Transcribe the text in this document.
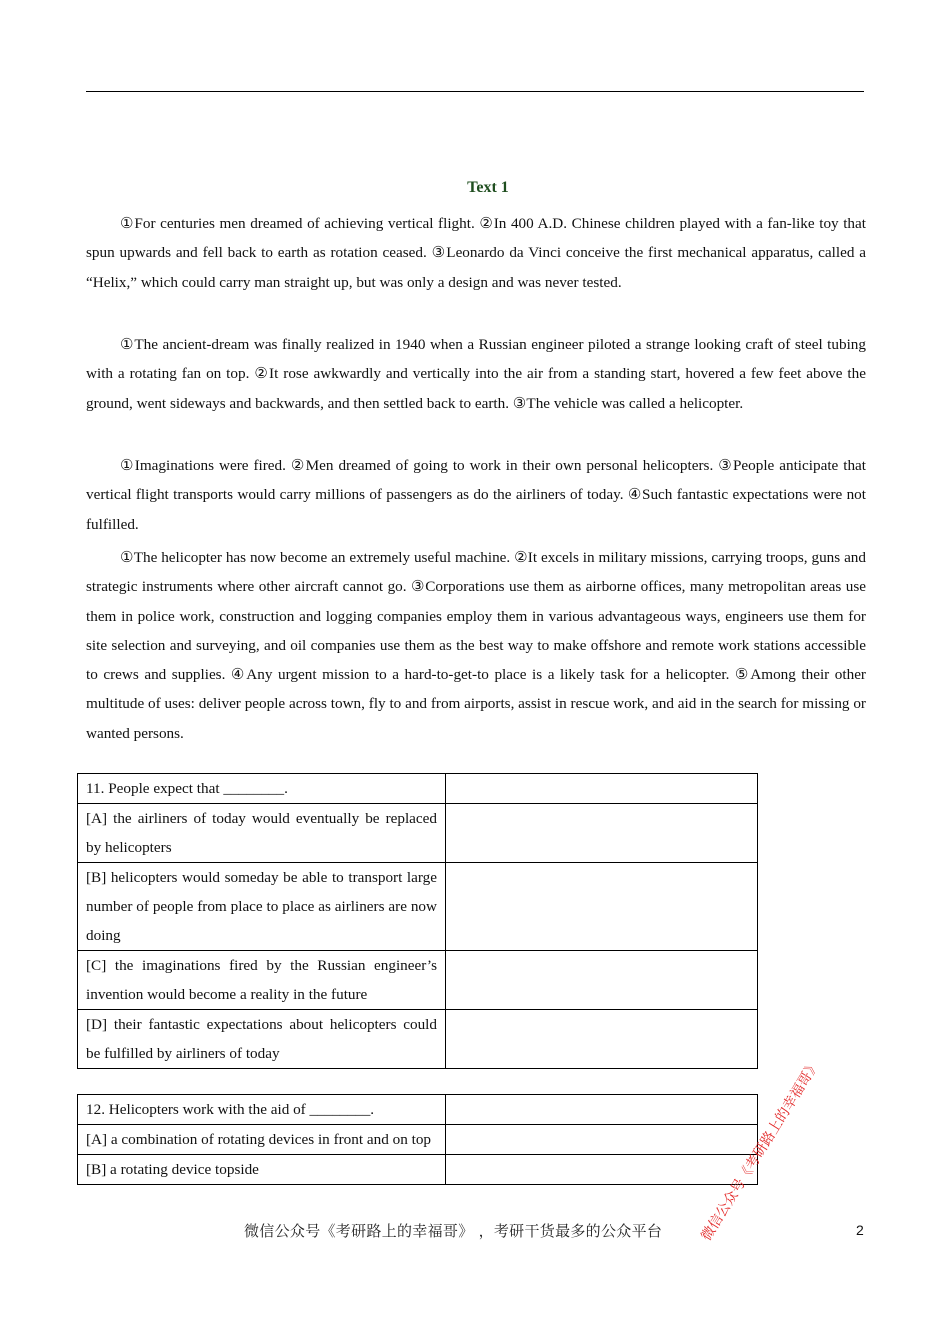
Text 1

①For centuries men dreamed of achieving vertical flight. ②In 400 A.D. Chinese children played with a fan-like toy that spun upwards and fell back to earth as rotation ceased. ③Leonardo da Vinci conceive the first mechanical apparatus, called a “Helix,” which could carry man straight up, but was only a design and was never tested.

①The ancient-dream was finally realized in 1940 when a Russian engineer piloted a strange looking craft of steel tubing with a rotating fan on top. ②It rose awkwardly and vertically into the air from a standing start, hovered a few feet above the ground, went sideways and backwards, and then settled back to earth. ③The vehicle was called a helicopter.

①Imaginations were fired. ②Men dreamed of going to work in their own personal helicopters. ③People anticipate that vertical flight transports would carry millions of passengers as do the airliners of today. ④Such fantastic expectations were not fulfilled.

①The helicopter has now become an extremely useful machine. ②It excels in military missions, carrying troops, guns and strategic instruments where other aircraft cannot go. ③Corporations use them as airborne offices, many metropolitan areas use them in police work, construction and logging companies employ them in various advantageous ways, engineers use them for site selection and surveying, and oil companies use them as the best way to make offshore and remote work stations accessible to crews and supplies. ④Any urgent mission to a hard-to-get-to place is a likely task for a helicopter. ⑤Among their other multitude of uses: deliver people across town, fly to and from airports, assist in rescue work, and aid in the search for missing or wanted persons.

11. People expect that ________.	
[A] the airliners of today would eventually be replaced by helicopters	
[B] helicopters would someday be able to transport large number of people from place to place as airliners are now doing	
[C] the imaginations fired by the Russian engineer’s invention would become a reality in the future	
[D] their fantastic expectations about helicopters could be fulfilled by airliners of today	
12. Helicopters work with the aid of ________.	
[A] a combination of rotating devices in front and on top	
[B] a rotating device topside		微信公众号《考研路上的幸福哥》
微信公众号《考研路上的幸福哥》 ，考研干货最多的公众平台	2
